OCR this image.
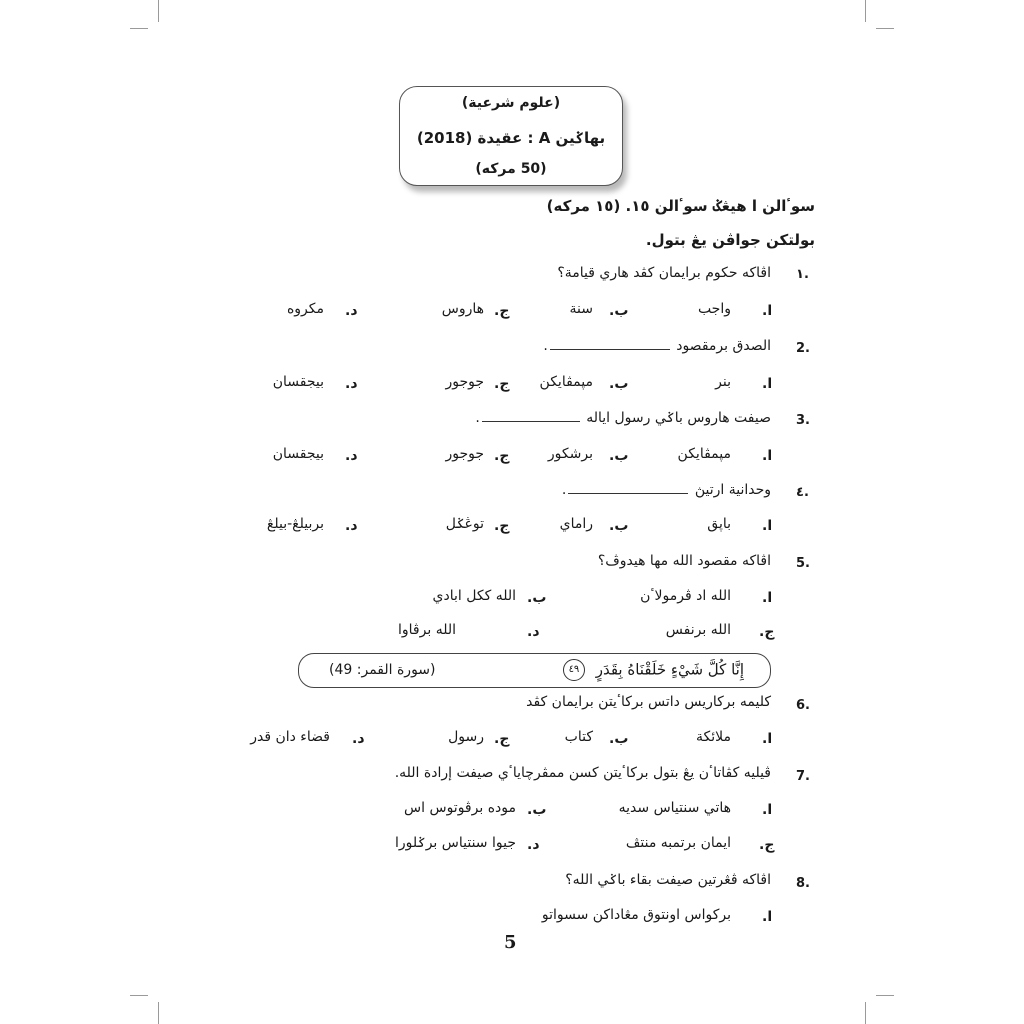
(علوم شرعية)
بهاݢين A : عقيدة (2018)
(50 مركه)
سوٴالن ا هيڠݢ سوٴالن ١٥. (١٥ مركه)
بولتكن جواڤن يڠ بتول.
١.
اڤاكه حكوم برايمان كڤد هاري قيامة؟
ا.
واجب
ب.
سنة
ج.
هاروس
د.
مكروه
2.
الصدق برمقصود .
ا.
بنر
ب.
مڽمڤايكن
ج.
جوجور
د.
بيجقسان
3.
صيفت هاروس باݢي رسول اياله .
ا.
مڽمڤايكن
ب.
برشكور
ج.
جوجور
د.
بيجقسان
٤.
وحدانية ارتيڽ .
ا.
باڽق
ب.
راماي
ج.
توڠݢل
د.
بربيلڠ-بيلڠ
5.
اڤاكه مقصود الله مها هيدوڤ؟
ا.
الله اد ڤرمولاٴن
ب.
الله ككل ابادي
ج.
الله برنفس
د.
الله برڤاوا
إِنَّا كُلَّ شَيْءٍ خَلَقْنَاهُ بِقَدَرٍ ٤٩
(سورة القمر: 49)
6.
كليمه بركاريس داتس بركاٴيتن برايمان كڤد
ا.
ملائكة
ب.
كتاب
ج.
رسول
د.
قضاء دان قدر
7.
ڤيليه كڤاتاٴن يڠ بتول بركاٴيتن كسن ممڤرچاياٴي صيفت إرادة الله.
ا.
هاتي سنتياس سديه
ب.
موده برڤوتوس اس
ج.
ايمان برتمبه منتڤ
د.
جيوا سنتياس برݢلورا
8.
اڤاكه ڤڠرتين صيفت بقاء باݢي الله؟
ا.
بركواس اونتوق مڠاداكن سسواتو
5
